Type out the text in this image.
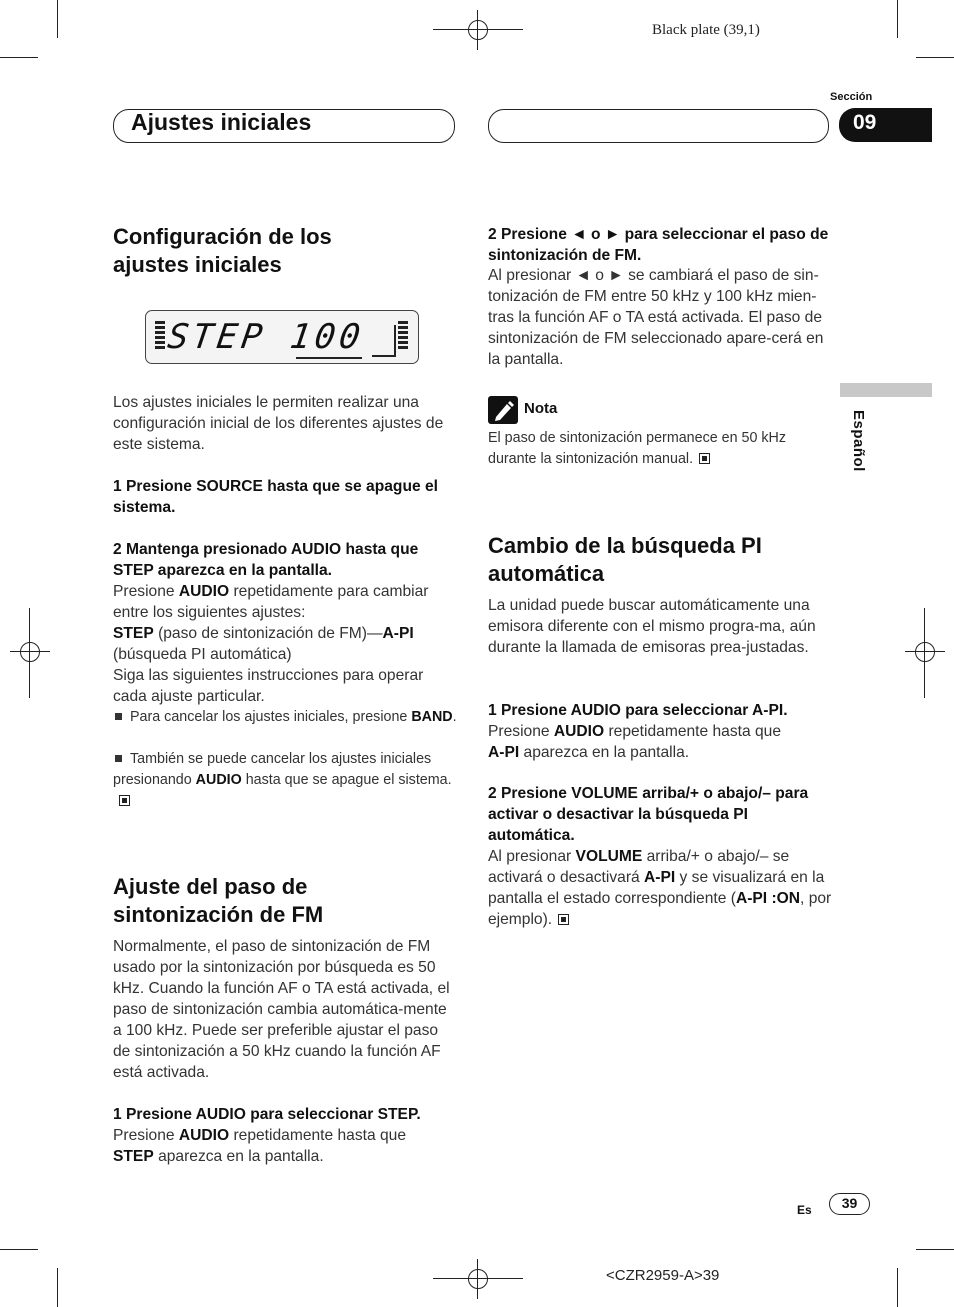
Black plate (39,1)
Ajustes iniciales
Sección
09
Español
Configuración de los ajustes iniciales
STEP 100
Los ajustes iniciales le permiten realizar una configuración inicial de los diferentes ajustes de este sistema.
1 Presione SOURCE hasta que se apague el sistema.
2 Mantenga presionado AUDIO hasta que STEP aparezca en la pantalla.
Presione AUDIO repetidamente para cambiar entre los siguientes ajustes:
STEP (paso de sintonización de FM)—A-PI
(búsqueda PI automática)
Siga las siguientes instrucciones para operar cada ajuste particular.
Para cancelar los ajustes iniciales, presione BAND.
También se puede cancelar los ajustes iniciales presionando AUDIO hasta que se apague el sistema.
Ajuste del paso de sintonización de FM
Normalmente, el paso de sintonización de FM usado por la sintonización por búsqueda es 50 kHz. Cuando la función AF o TA está activada, el paso de sintonización cambia automática-mente a 100 kHz. Puede ser preferible ajustar el paso de sintonización a 50 kHz cuando la función AF está activada.
1 Presione AUDIO para seleccionar STEP.
Presione AUDIO repetidamente hasta que
STEP aparezca en la pantalla.
2 Presione ◄ o ► para seleccionar el paso de sintonización de FM.
Al presionar ◄ o ► se cambiará el paso de sin-tonización de FM entre 50 kHz y 100 kHz mien-tras la función AF o TA está activada. El paso de sintonización de FM seleccionado apare-cerá en la pantalla.
Nota
El paso de sintonización permanece en 50 kHz durante la sintonización manual.
Cambio de la búsqueda PI automática
La unidad puede buscar automáticamente una emisora diferente con el mismo progra-ma, aún durante la llamada de emisoras prea-justadas.
1 Presione AUDIO para seleccionar A-PI.
Presione AUDIO repetidamente hasta que
A-PI aparezca en la pantalla.
2 Presione VOLUME arriba/+ o abajo/– para activar o desactivar la búsqueda PI automática.
Al presionar VOLUME arriba/+ o abajo/– se activará o desactivará A-PI y se visualizará en la pantalla el estado correspondiente (A-PI :ON, por ejemplo).
Es	39
<CZR2959-A>39
